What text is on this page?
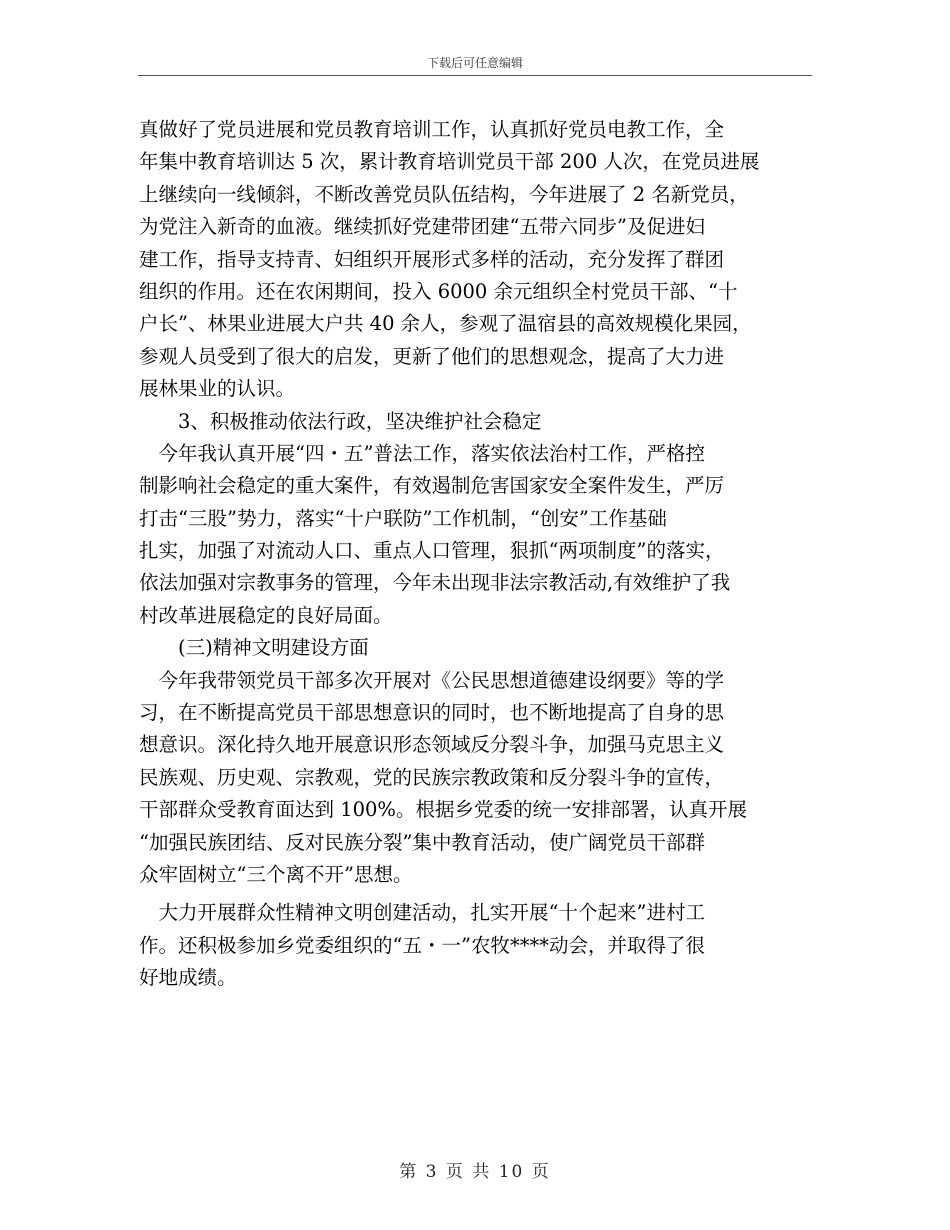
下载后可任意编辑
真做好了党员进展和党员教育培训工作，认真抓好党员电教工作，全
年集中教育培训达 5 次，累计教育培训党员干部 200 人次，在党员进展
上继续向一线倾斜，不断改善党员队伍结构，今年进展了 2 名新党员，
为党注入新奇的血液。继续抓好党建带团建“五带六同步”及促进妇
建工作，指导支持青、妇组织开展形式多样的活动，充分发挥了群团
组织的作用。还在农闲期间，投入 6000 余元组织全村党员干部、“十
户长”、林果业进展大户共 40 余人，参观了温宿县的高效规模化果园，
参观人员受到了很大的启发，更新了他们的思想观念，提高了大力进
展林果业的认识。
　　3、积极推动依法行政，坚决维护社会稳定
　今年我认真开展“四・五”普法工作，落实依法治村工作，严格控
制影响社会稳定的重大案件，有效遏制危害国家安全案件发生，严厉
打击“三股”势力，落实“十户联防”工作机制，“创安”工作基础
扎实，加强了对流动人口、重点人口管理，狠抓“两项制度”的落实，
依法加强对宗教事务的管理，今年未出现非法宗教活动,有效维护了我
村改革进展稳定的良好局面。
　　(三)精神文明建设方面
　今年我带领党员干部多次开展对《公民思想道德建设纲要》等的学
习，在不断提高党员干部思想意识的同时，也不断地提高了自身的思
想意识。深化持久地开展意识形态领域反分裂斗争，加强马克思主义
民族观、历史观、宗教观，党的民族宗教政策和反分裂斗争的宣传，
干部群众受教育面达到 100%。根据乡党委的统一安排部署，认真开展
“加强民族团结、反对民族分裂”集中教育活动，使广阔党员干部群
众牢固树立“三个离不开”思想。
　大力开展群众性精神文明创建活动，扎实开展“十个起来”进村工
作。还积极参加乡党委组织的“五・一”农牧****动会，并取得了很
好地成绩。
第 3 页 共 10 页
